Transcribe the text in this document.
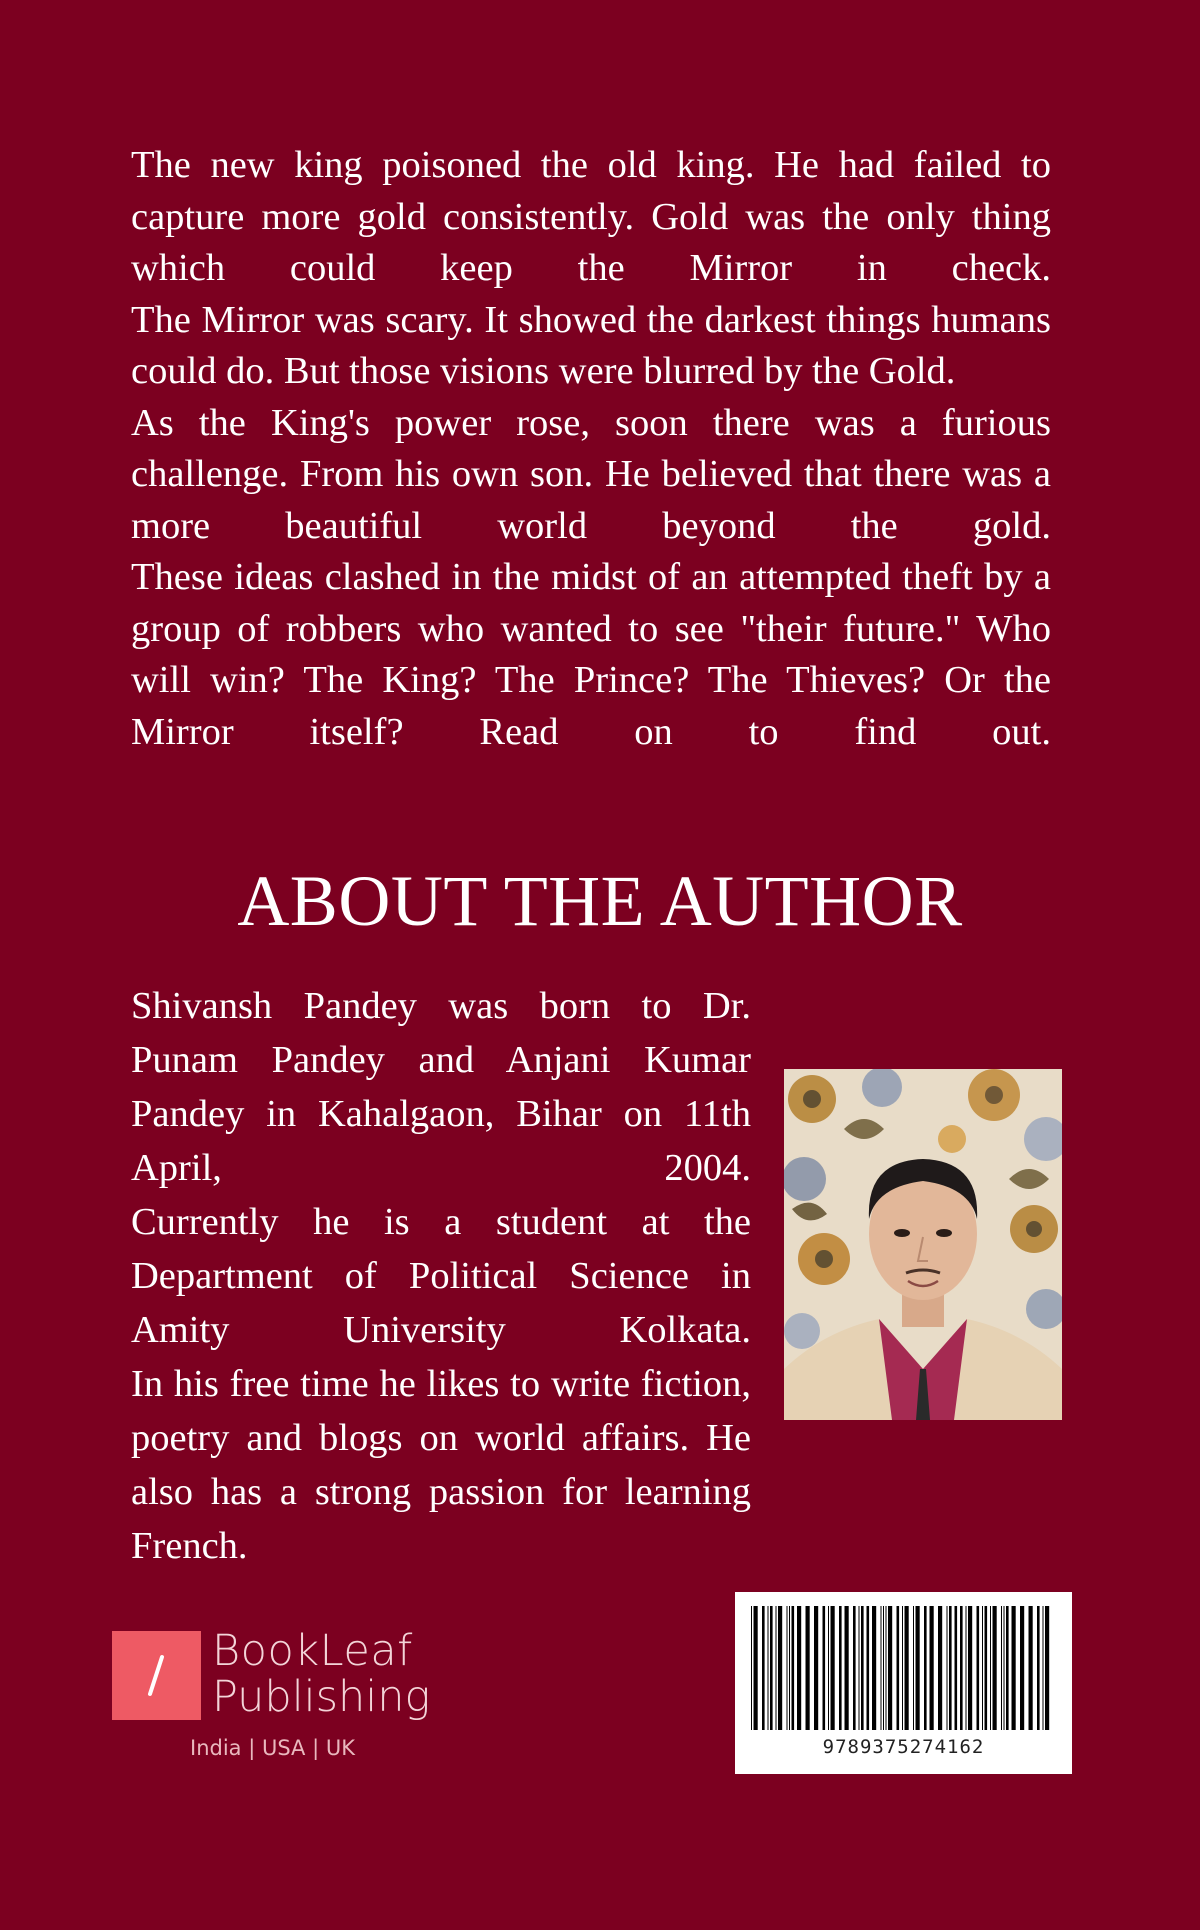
The new king poisoned the old king. He had failed to capture more gold consistently. Gold was the only thing which could keep the Mirror in check.

The Mirror was scary. It showed the darkest things humans could do. But those visions were blurred by the Gold.

As the King's power rose, soon there was a furious challenge. From his own son. He believed that there was a more beautiful world beyond the gold.

These ideas clashed in the midst of an attempted theft by a group of robbers who wanted to see "their future." Who will win? The King? The Prince? The Thieves? Or the Mirror itself? Read on to find out.

ABOUT THE AUTHOR

Shivansh Pandey was born to Dr. Punam Pandey and Anjani Kumar Pandey in Kahalgaon, Bihar on 11th April, 2004.

Currently he is a student at the Department of Political Science in Amity University Kolkata.

In his free time he likes to write fiction, poetry and blogs on world affairs. He also has a strong passion for learning French.

BookLeaf
Publishing
India | USA | UK	9789375274162
